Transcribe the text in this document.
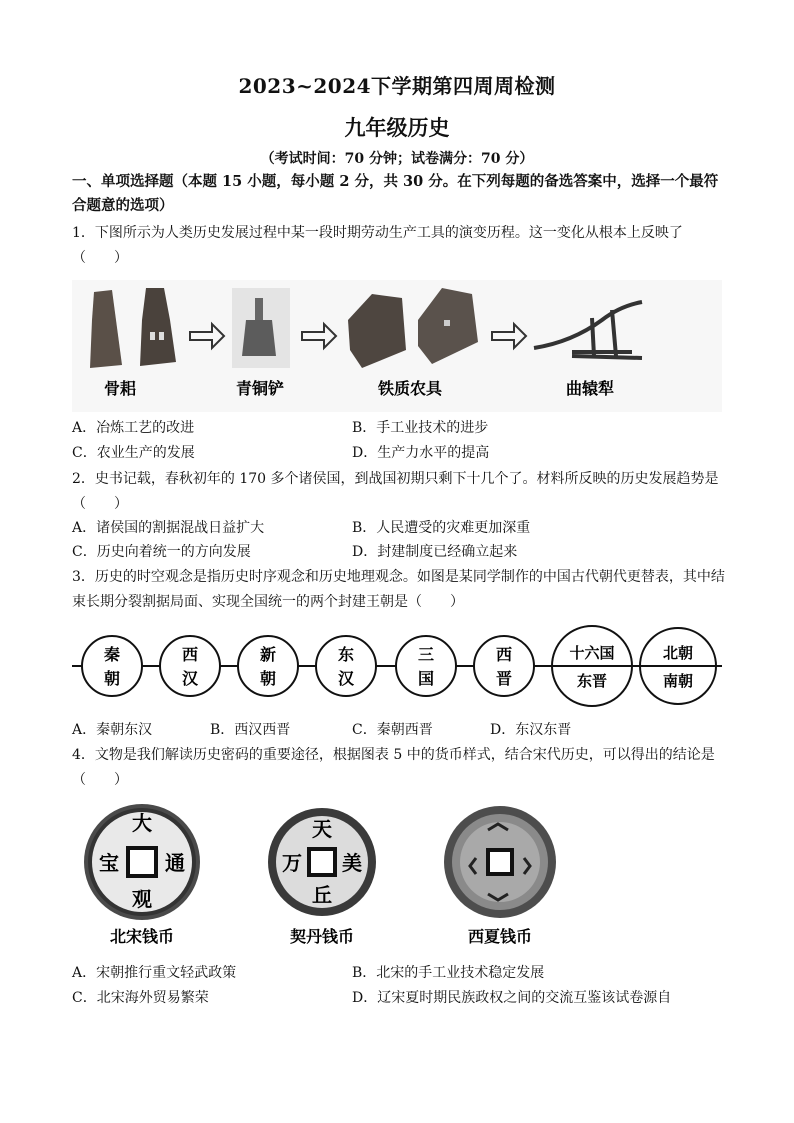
2023~2024下学期第四周周检测
九年级历史
（考试时间：70 分钟；试卷满分：70 分）
一、单项选择题（本题 15 小题，每小题 2 分，共 30 分。在下列每题的备选答案中，选择一个最符合题意的选项）
1．下图所示为人类历史发展过程中某一段时期劳动生产工具的演变历程。这一变化从根本上反映了
（　　）
骨耜	青铜铲	铁质农具	曲辕犁
A．冶炼工艺的改进	B．手工业技术的进步
C．农业生产的发展	D．生产力水平的提高
2．史书记载，春秋初年的 170 多个诸侯国，到战国初期只剩下十几个了。材料所反映的历史发展趋势是
（　　）
A．诸侯国的割据混战日益扩大	B．人民遭受的灾难更加深重
C．历史向着统一的方向发展	D．封建制度已经确立起来
3．历史的时空观念是指历史时序观念和历史地理观念。如图是某同学制作的中国古代朝代更替表，其中结束长期分裂割据局面、实现全国统一的两个封建王朝是（　　）
秦
朝
西
汉
新
朝
东
汉
三
国
西
晋
十六国
东晋
北朝
南朝
A．秦朝东汉	B．西汉西晋	C．秦朝西晋	D．东汉东晋
4．文物是我们解读历史密码的重要途径，根据图表 5 中的货币样式，结合宋代历史，可以得出的结论是
（　　）
大
通
观
宝
天
美
丘
万
北宋钱币	契丹钱币	西夏钱币
A．宋朝推行重文轻武政策	B．北宋的手工业技术稳定发展
C．北宋海外贸易繁荣	D．辽宋夏时期民族政权之间的交流互鉴该试卷源自
